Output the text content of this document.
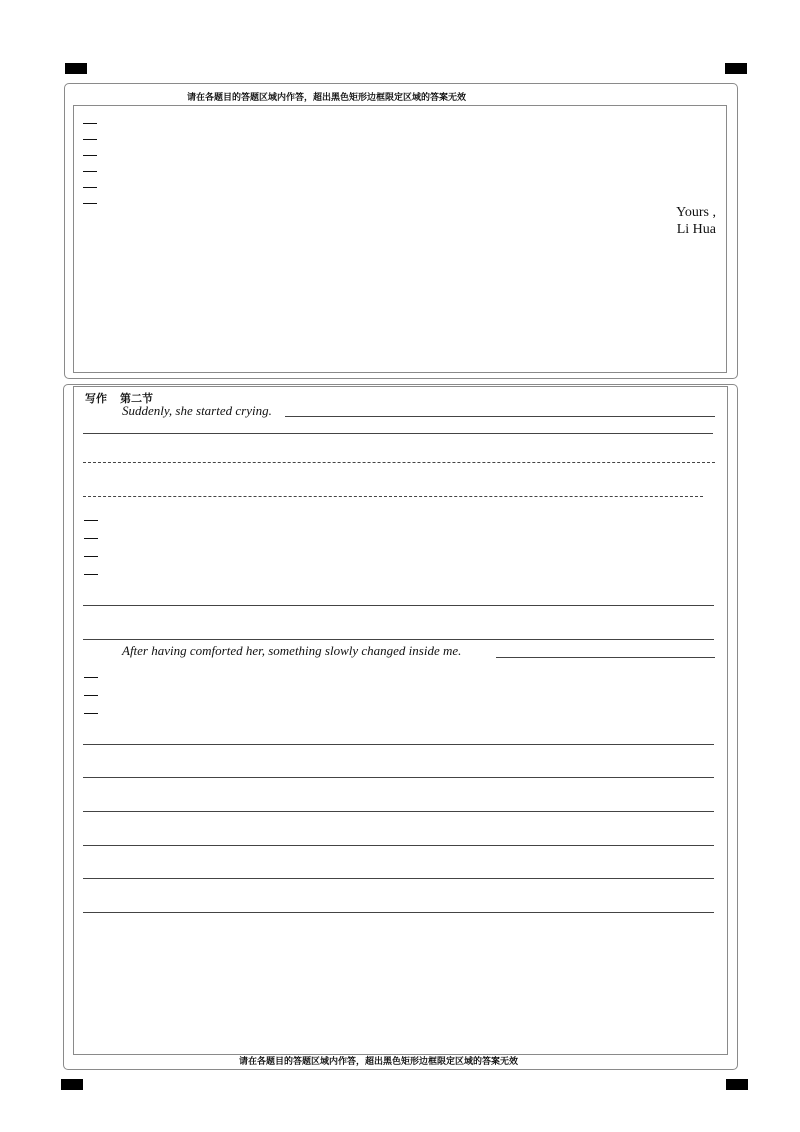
请在各题目的答题区域内作答，超出黑色矩形边框限定区域的答案无效
Yours ,
Li Hua
写作 第二节
Suddenly, she started crying.
After having comforted her, something slowly changed inside me.
请在各题目的答题区域内作答，超出黑色矩形边框限定区域的答案无效
